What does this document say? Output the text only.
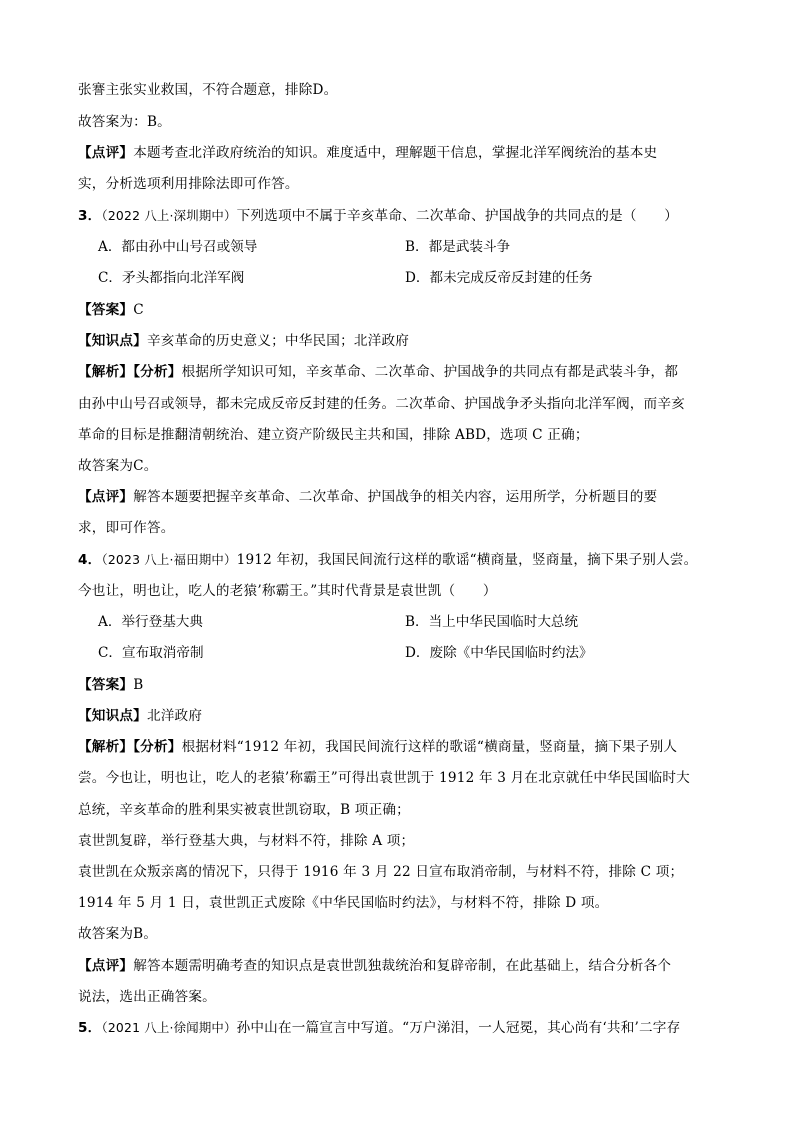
张謇主张实业救国，不符合题意，排除D。
故答案为：B。
【点评】本题考查北洋政府统治的知识。难度适中，理解题干信息，掌握北洋军阀统治的基本史
实，分析选项利用排除法即可作答。
3．（2022 八上·深圳期中）下列选项中不属于辛亥革命、二次革命、护国战争的共同点的是（　　）
A．都由孙中山号召或领导	B．都是武装斗争
C．矛头都指向北洋军阀	D．都未完成反帝反封建的任务
【答案】C
【知识点】辛亥革命的历史意义；中华民国；北洋政府
【解析】【分析】根据所学知识可知，辛亥革命、二次革命、护国战争的共同点有都是武装斗争，都
由孙中山号召或领导，都未完成反帝反封建的任务。二次革命、护国战争矛头指向北洋军阀，而辛亥
革命的目标是推翻清朝统治、建立资产阶级民主共和国，排除 ABD，选项 C 正确；
故答案为C。
【点评】解答本题要把握辛亥革命、二次革命、护国战争的相关内容，运用所学，分析题目的要
求，即可作答。
4．（2023 八上·福田期中）1912 年初，我国民间流行这样的歌谣“横商量，竖商量，摘下果子别人尝。
今也让，明也让，吃人的老猿’称霸王。”其时代背景是袁世凯（　　）
A．举行登基大典	B．当上中华民国临时大总统
C．宣布取消帝制	D．废除《中华民国临时约法》
【答案】B
【知识点】北洋政府
【解析】【分析】根据材料“1912 年初，我国民间流行这样的歌谣“横商量，竖商量，摘下果子别人
尝。今也让，明也让，吃人的老猿’称霸王”可得出袁世凯于 1912 年 3 月在北京就任中华民国临时大
总统，辛亥革命的胜利果实被袁世凯窃取，B 项正确；
袁世凯复辟，举行登基大典，与材料不符，排除 A 项；
袁世凯在众叛亲离的情况下，只得于 1916 年 3 月 22 日宣布取消帝制，与材料不符，排除 C 项；
1914 年 5 月 1 日，袁世凯正式废除《中华民国临时约法》，与材料不符，排除 D 项。
故答案为B。
【点评】解答本题需明确考查的知识点是袁世凯独裁统治和复辟帝制，在此基础上，结合分析各个
说法，选出正确答案。
5．（2021 八上·徐闻期中）孙中山在一篇宣言中写道。“万户涕泪，一人冠冕，其心尚有‘共和’二字存
